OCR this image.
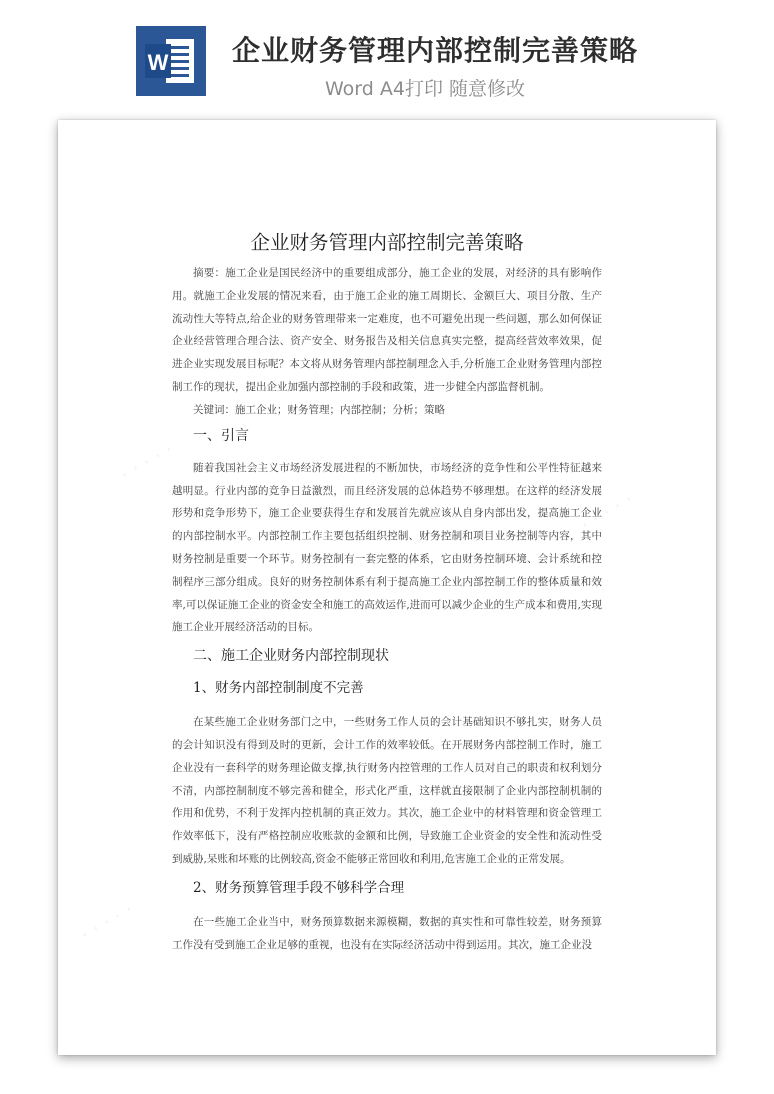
W 企业财务管理内部控制完善策略
Word A4打印 随意修改
· · · · ·
· · · · ·
· · · · ·
企业财务管理内部控制完善策略

摘要：施工企业是国民经济中的重要组成部分，施工企业的发展，对经济的具有影响作用。就施工企业发展的情况来看，由于施工企业的施工周期长、金额巨大、项目分散、生产流动性大等特点,给企业的财务管理带来一定难度，也不可避免出现一些问题，那么如何保证企业经营管理合理合法、资产安全、财务报告及相关信息真实完整，提高经营效率效果，促进企业实现发展目标呢？本文将从财务管理内部控制理念入手,分析施工企业财务管理内部控制工作的现状，提出企业加强内部控制的手段和政策，进一步健全内部监督机制。

关键词：施工企业；财务管理；内部控制；分析；策略

一、引言

随着我国社会主义市场经济发展进程的不断加快，市场经济的竞争性和公平性特征越来越明显。行业内部的竞争日益激烈，而且经济发展的总体趋势不够理想。在这样的经济发展形势和竞争形势下，施工企业要获得生存和发展首先就应该从自身内部出发，提高施工企业的内部控制水平。内部控制工作主要包括组织控制、财务控制和项目业务控制等内容，其中财务控制是重要一个环节。财务控制有一套完整的体系，它由财务控制环境、会计系统和控制程序三部分组成。良好的财务控制体系有利于提高施工企业内部控制工作的整体质量和效率,可以保证施工企业的资金安全和施工的高效运作,进而可以减少企业的生产成本和费用,实现施工企业开展经济活动的目标。

二、施工企业财务内部控制现状
1、财务内部控制制度不完善

在某些施工企业财务部门之中，一些财务工作人员的会计基础知识不够扎实，财务人员的会计知识没有得到及时的更新，会计工作的效率较低。在开展财务内部控制工作时，施工企业没有一套科学的财务理论做支撑,执行财务内控管理的工作人员对自己的职责和权利划分不清，内部控制制度不够完善和健全，形式化严重，这样就直接限制了企业内部控制机制的作用和优势，不利于发挥内控机制的真正效力。其次，施工企业中的材料管理和资金管理工作效率低下，没有严格控制应收账款的金额和比例，导致施工企业资金的安全性和流动性受到威胁,呆账和坏账的比例较高,资金不能够正常回收和利用,危害施工企业的正常发展。

2、财务预算管理手段不够科学合理

在一些施工企业当中，财务预算数据来源模糊，数据的真实性和可靠性较差，财务预算工作没有受到施工企业足够的重视，也没有在实际经济活动中得到运用。其次，施工企业没
